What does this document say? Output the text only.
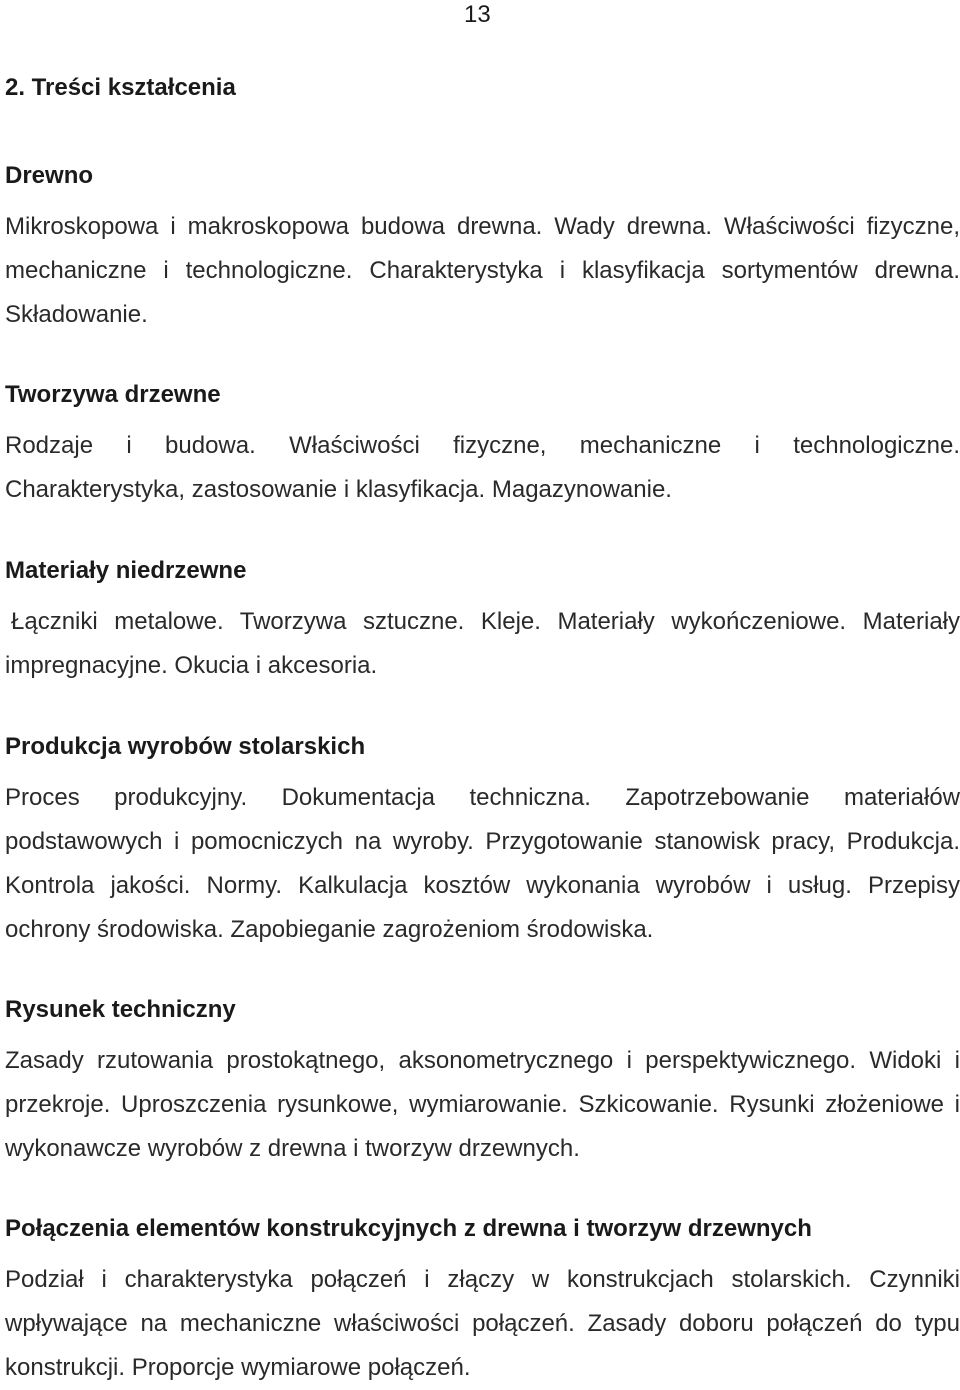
13
2. Treści kształcenia
Drewno

Mikroskopowa i makroskopowa budowa drewna. Wady drewna. Właściwości fizyczne, mechaniczne i technologiczne. Charakterystyka i klasyfikacja sortymentów drewna. Składowanie.

Tworzywa drzewne

Rodzaje i budowa. Właściwości fizyczne, mechaniczne i technologiczne. Charakterystyka, zastosowanie i klasyfikacja. Magazynowanie.

Materiały niedrzewne

Łączniki metalowe. Tworzywa sztuczne. Kleje. Materiały wykończeniowe. Materiały impregnacyjne. Okucia i akcesoria.

Produkcja wyrobów stolarskich

Proces produkcyjny. Dokumentacja techniczna. Zapotrzebowanie materiałów podstawowych i pomocniczych na wyroby. Przygotowanie stanowisk pracy, Produkcja. Kontrola jakości. Normy. Kalkulacja kosztów wykonania wyrobów i usług. Przepisy ochrony środowiska. Zapobieganie zagrożeniom środowiska.

Rysunek techniczny

Zasady rzutowania prostokątnego, aksonometrycznego i perspektywicznego. Widoki i przekroje. Uproszczenia rysunkowe, wymiarowanie. Szkicowanie. Rysunki złożeniowe i wykonawcze wyrobów z drewna i tworzyw drzewnych.

Połączenia elementów konstrukcyjnych z drewna i tworzyw drzewnych

Podział i charakterystyka połączeń i złączy w konstrukcjach stolarskich. Czynniki wpływające na mechaniczne właściwości połączeń. Zasady doboru połączeń do typu konstrukcji. Proporcje wymiarowe połączeń.
